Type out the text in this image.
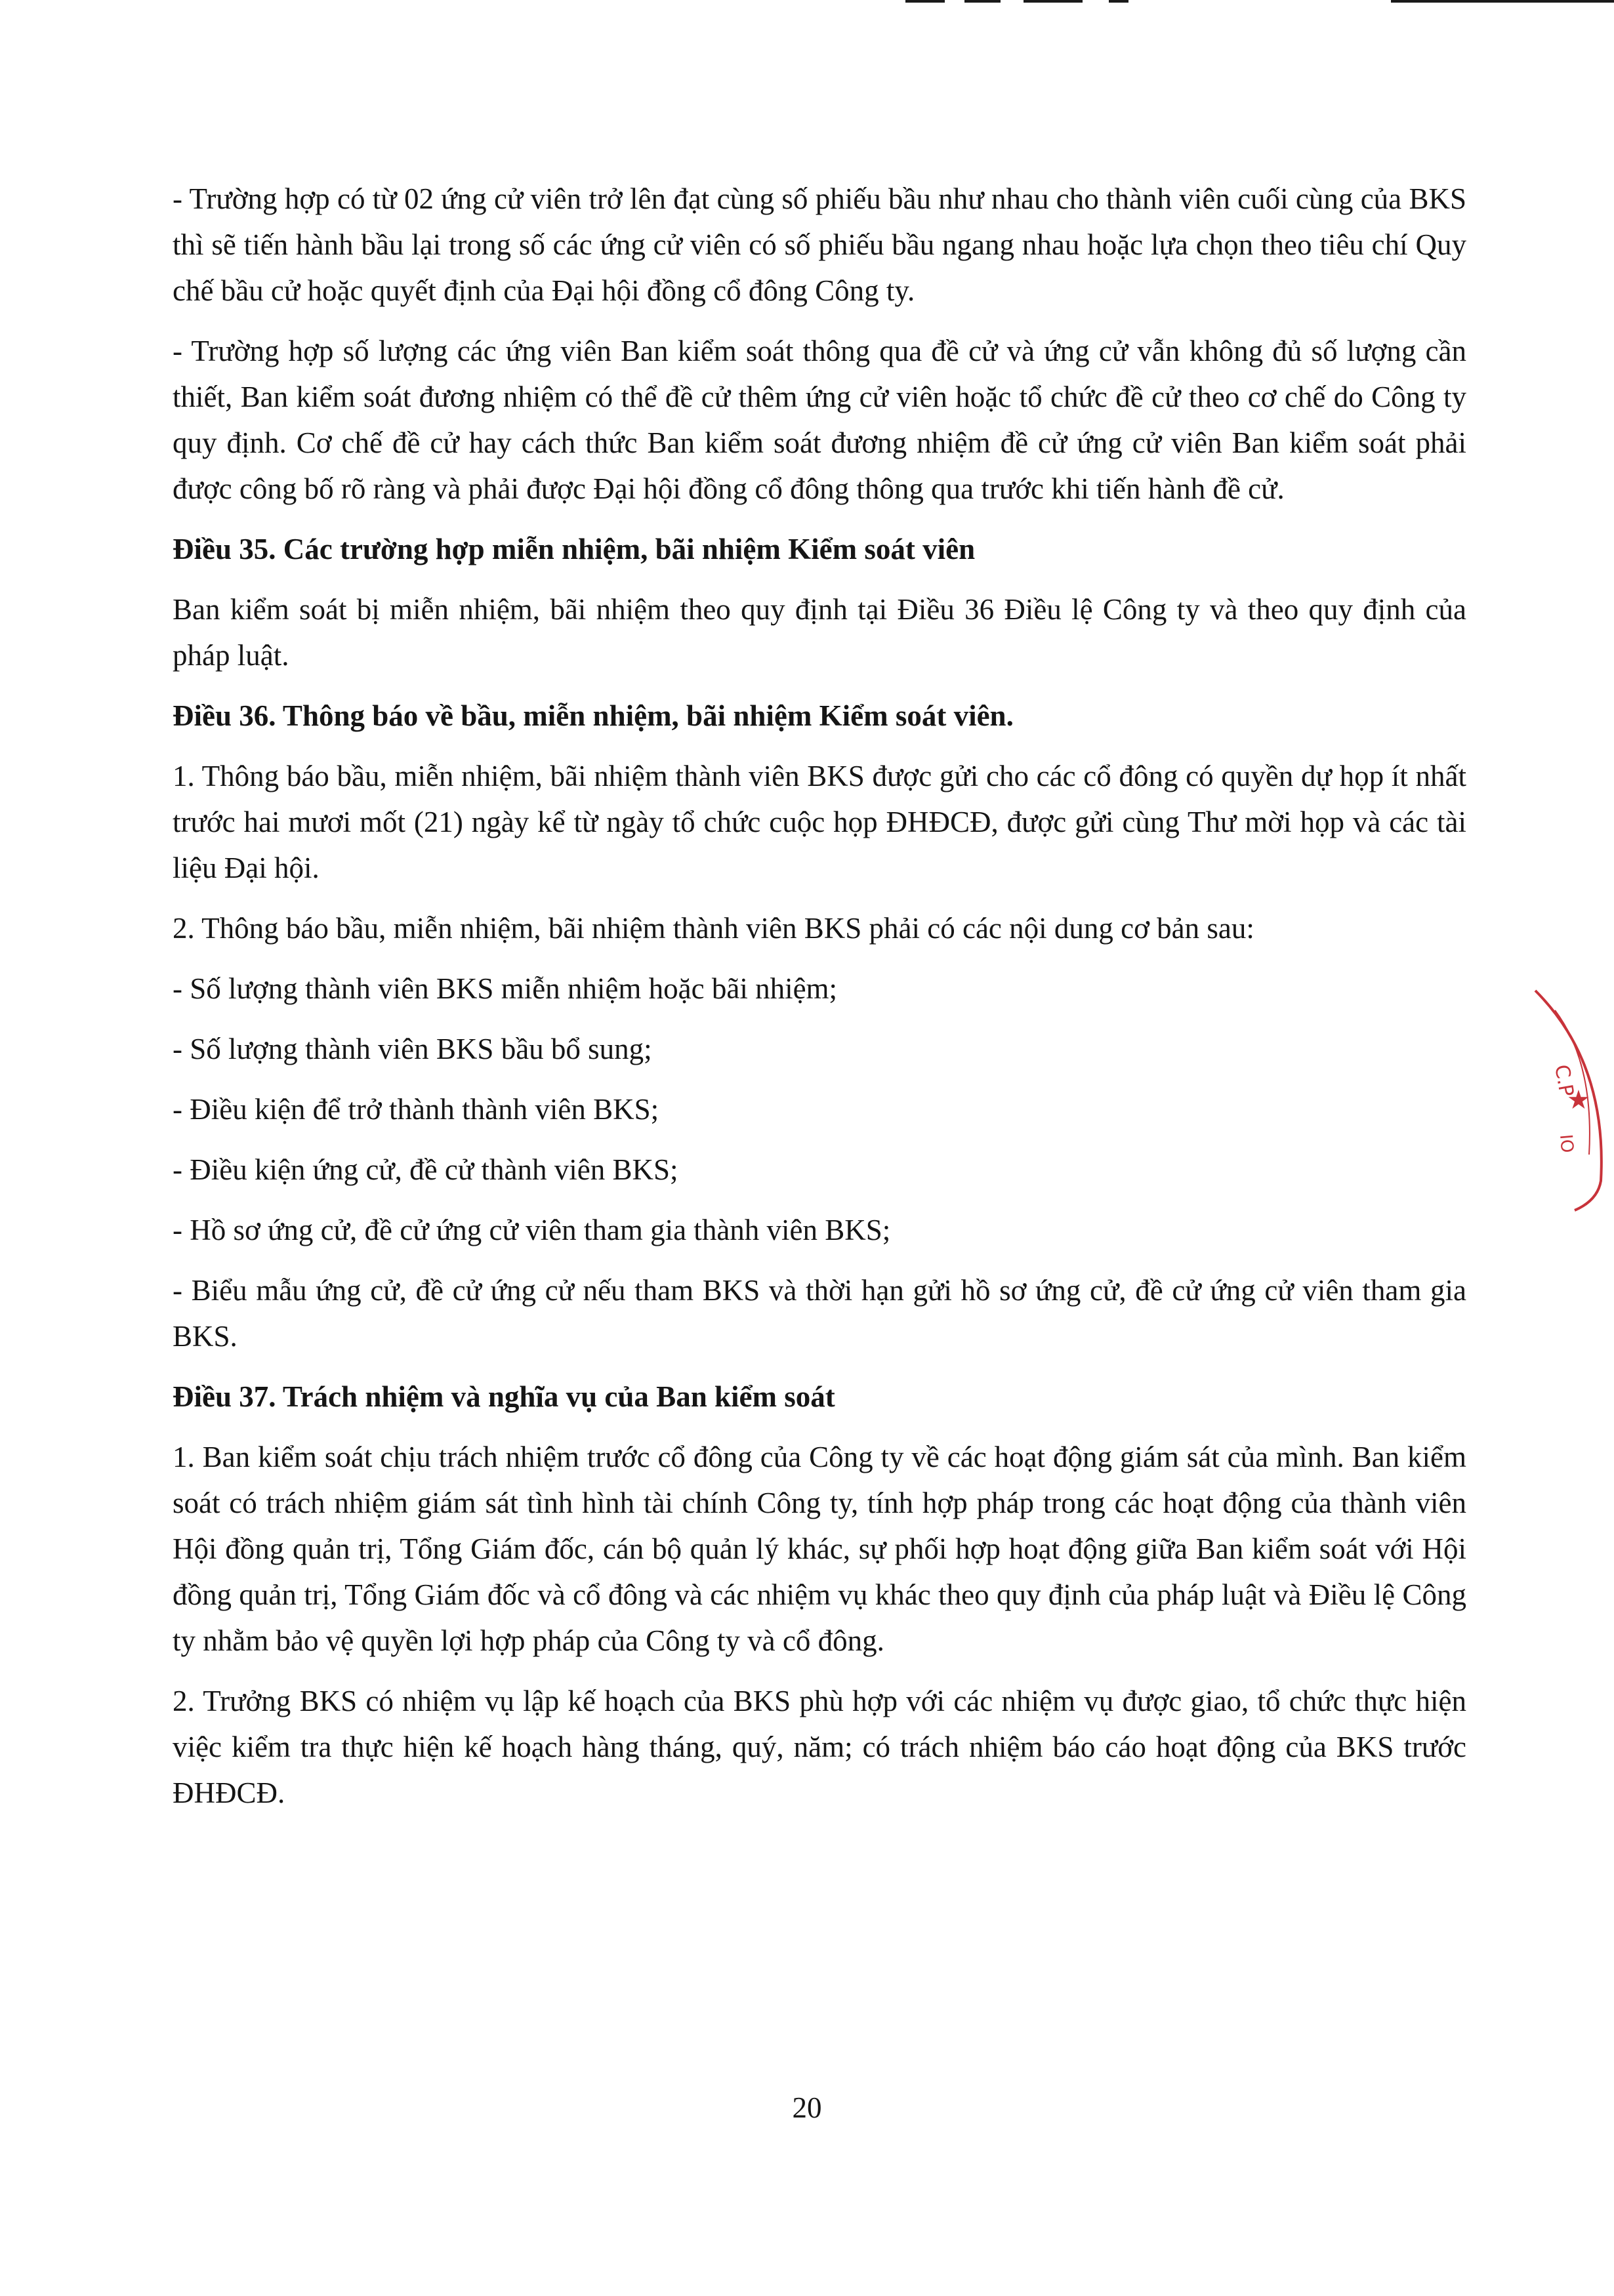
- Trường hợp có từ 02 ứng cử viên trở lên đạt cùng số phiếu bầu như nhau cho thành viên cuối cùng của BKS thì sẽ tiến hành bầu lại trong số các ứng cử viên có số phiếu bầu ngang nhau hoặc lựa chọn theo tiêu chí Quy chế bầu cử hoặc quyết định của Đại hội đồng cổ đông Công ty.

- Trường hợp số lượng các ứng viên Ban kiểm soát thông qua đề cử và ứng cử vẫn không đủ số lượng cần thiết, Ban kiểm soát đương nhiệm có thể đề cử thêm ứng cử viên hoặc tổ chức đề cử theo cơ chế do Công ty quy định. Cơ chế đề cử hay cách thức Ban kiểm soát đương nhiệm đề cử ứng cử viên Ban kiểm soát phải được công bố rõ ràng và phải được Đại hội đồng cổ đông thông qua trước khi tiến hành đề cử.

Điều 35. Các trường hợp miễn nhiệm, bãi nhiệm Kiểm soát viên

Ban kiểm soát bị miễn nhiệm, bãi nhiệm theo quy định tại Điều 36 Điều lệ Công ty và theo quy định của pháp luật.

Điều 36. Thông báo về bầu, miễn nhiệm, bãi nhiệm Kiểm soát viên.

1. Thông báo bầu, miễn nhiệm, bãi nhiệm thành viên BKS được gửi cho các cổ đông có quyền dự họp ít nhất trước hai mươi mốt (21) ngày kể từ ngày tổ chức cuộc họp ĐHĐCĐ, được gửi cùng Thư mời họp và các tài liệu Đại hội.

2. Thông báo bầu, miễn nhiệm, bãi nhiệm thành viên BKS phải có các nội dung cơ bản sau:

- Số lượng thành viên BKS miễn nhiệm hoặc bãi nhiệm;

- Số lượng thành viên BKS bầu bổ sung;

- Điều kiện để trở thành thành viên BKS;

- Điều kiện ứng cử, đề cử thành viên BKS;

- Hồ sơ ứng cử, đề cử ứng cử viên tham gia thành viên BKS;

- Biểu mẫu ứng cử, đề cử ứng cử nếu tham BKS và thời hạn gửi hồ sơ ứng cử, đề cử ứng cử viên tham gia BKS.

Điều 37. Trách nhiệm và nghĩa vụ của Ban kiểm soát

1. Ban kiểm soát chịu trách nhiệm trước cổ đông của Công ty về các hoạt động giám sát của mình. Ban kiểm soát có trách nhiệm giám sát tình hình tài chính Công ty, tính hợp pháp trong các hoạt động của thành viên Hội đồng quản trị, Tổng Giám đốc, cán bộ quản lý khác, sự phối hợp hoạt động giữa Ban kiểm soát với Hội đồng quản trị, Tổng Giám đốc và cổ đông và các nhiệm vụ khác theo quy định của pháp luật và Điều lệ Công ty nhằm bảo vệ quyền lợi hợp pháp của Công ty và cổ đông.

2. Trưởng BKS có nhiệm vụ lập kế hoạch của BKS phù hợp với các nhiệm vụ được giao, tổ chức thực hiện việc kiểm tra thực hiện kế hoạch hàng tháng, quý, năm; có trách nhiệm báo cáo hoạt động của BKS trước ĐHĐCĐ.

C.P
★
IO
20
